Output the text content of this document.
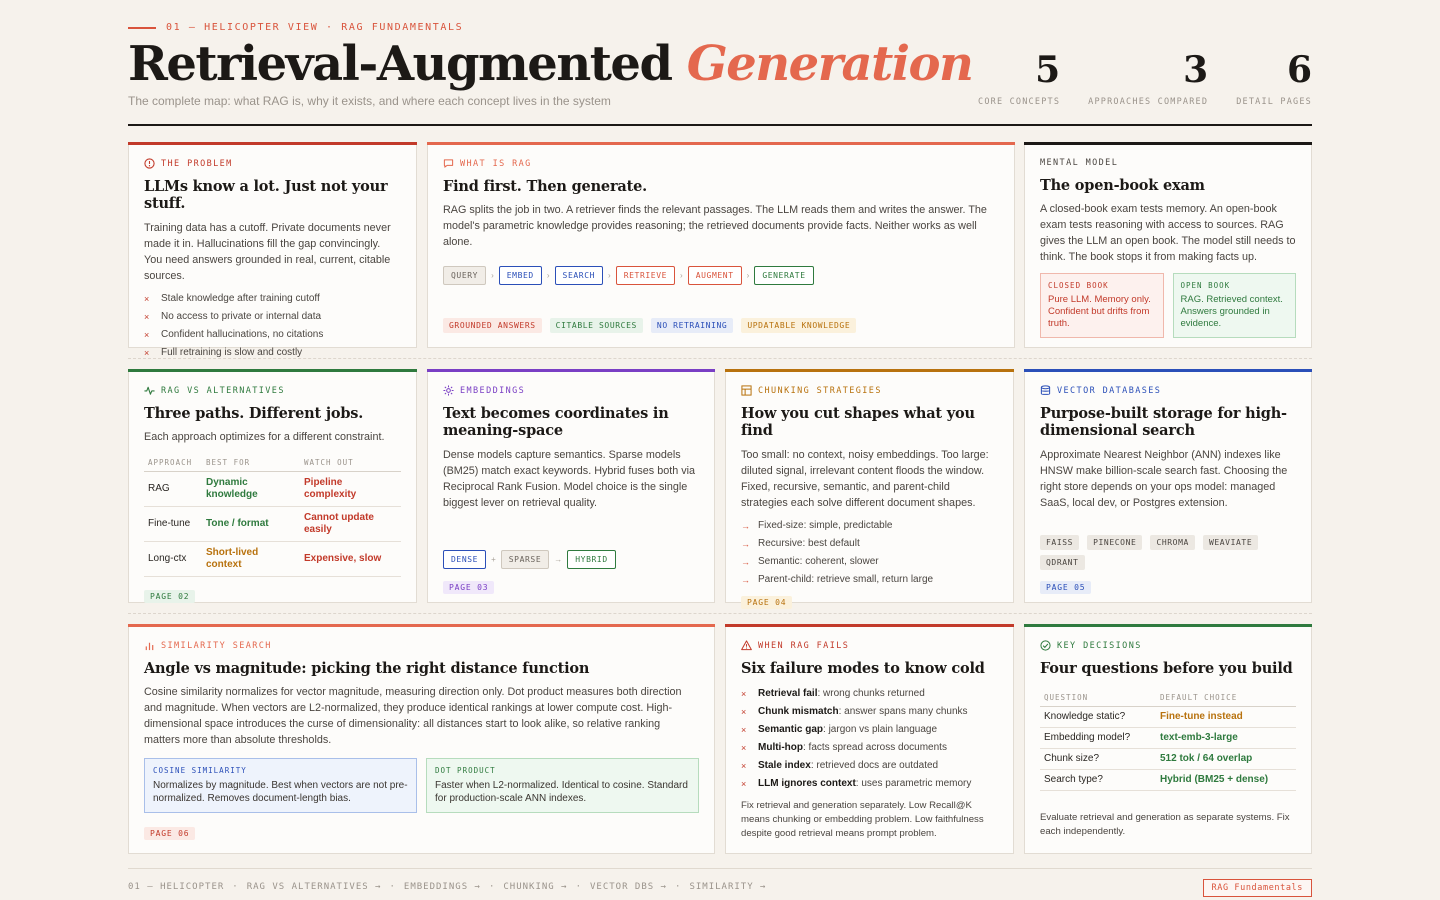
01 — HELICOPTER VIEW · RAG FUNDAMENTALS
Retrieval-Augmented Generation
The complete map: what RAG is, why it exists, and where each concept lives in the system
5
CORE CONCEPTS
3
APPROACHES COMPARED
6
DETAIL PAGES
THE PROBLEM
LLMs know a lot. Just not your stuff.

Training data has a cutoff. Private documents never made it in. Hallucinations fill the gap convincingly. You need answers grounded in real, current, citable sources.

× Stale knowledge after training cutoff
× No access to private or internal data
× Confident hallucinations, no citations
× Full retraining is slow and costly
WHAT IS RAG
Find first. Then generate.

RAG splits the job in two. A retriever finds the relevant passages. The LLM reads them and writes the answer. The model's parametric knowledge provides reasoning; the retrieved documents provide facts. Neither works as well alone.

QUERY	›	EMBED	›	SEARCH	›	RETRIEVE	›	AUGMENT	›	GENERATE
GROUNDED ANSWERS	CITABLE SOURCES	NO RETRAINING	UPDATABLE KNOWLEDGE
MENTAL MODEL
The open-book exam

A closed-book exam tests memory. An open-book exam tests reasoning with access to sources. RAG gives the LLM an open book. The model still needs to think. The book stops it from making facts up.

CLOSED BOOK
Pure LLM. Memory only. Confident but drifts from truth.
OPEN BOOK
RAG. Retrieved context. Answers grounded in evidence.
RAG VS ALTERNATIVES
Three paths. Different jobs.

Each approach optimizes for a different constraint.

APPROACH	BEST FOR	WATCH OUT
RAG	Dynamic knowledge	Pipeline complexity
Fine-tune	Tone / format	Cannot update easily
Long-ctx	Short-lived context	Expensive, slow
PAGE 02
EMBEDDINGS
Text becomes coordinates in meaning-space

Dense models capture semantics. Sparse models (BM25) match exact keywords. Hybrid fuses both via Reciprocal Rank Fusion. Model choice is the single biggest lever on retrieval quality.

DENSE	+	SPARSE	→	HYBRID
PAGE 03
CHUNKING STRATEGIES
How you cut shapes what you find

Too small: no context, noisy embeddings. Too large: diluted signal, irrelevant content floods the window. Fixed, recursive, semantic, and parent-child strategies each solve different document shapes.

→ Fixed-size: simple, predictable
→ Recursive: best default
→ Semantic: coherent, slower
→ Parent-child: retrieve small, return large
PAGE 04
VECTOR DATABASES
Purpose-built storage for high-dimensional search

Approximate Nearest Neighbor (ANN) indexes like HNSW make billion-scale search fast. Choosing the right store depends on your ops model: managed SaaS, local dev, or Postgres extension.

FAISS	PINECONE	CHROMA	WEAVIATE
QDRANT
PAGE 05
SIMILARITY SEARCH
Angle vs magnitude: picking the right distance function

Cosine similarity normalizes for vector magnitude, measuring direction only. Dot product measures both direction and magnitude. When vectors are L2-normalized, they produce identical rankings at lower compute cost. High-dimensional space introduces the curse of dimensionality: all distances start to look alike, so relative ranking matters more than absolute thresholds.

COSINE SIMILARITY
Normalizes by magnitude. Best when vectors are not pre-normalized. Removes document-length bias.
DOT PRODUCT
Faster when L2-normalized. Identical to cosine. Standard for production-scale ANN indexes.
PAGE 06
WHEN RAG FAILS
Six failure modes to know cold
× Retrieval fail: wrong chunks returned
× Chunk mismatch: answer spans many chunks
× Semantic gap: jargon vs plain language
× Multi-hop: facts spread across documents
× Stale index: retrieved docs are outdated
× LLM ignores context: uses parametric memory

Fix retrieval and generation separately. Low Recall@K means chunking or embedding problem. Low faithfulness despite good retrieval means prompt problem.

KEY DECISIONS
Four questions before you build
QUESTION	DEFAULT CHOICE
Knowledge static?	Fine-tune instead
Embedding model?	text-emb-3-large
Chunk size?	512 tok / 64 overlap
Search type?	Hybrid (BM25 + dense)

Evaluate retrieval and generation as separate systems. Fix each independently.

01 — HELICOPTER · RAG VS ALTERNATIVES → · EMBEDDINGS → · CHUNKING → · VECTOR DBS → · SIMILARITY →	RAG Fundamentals
